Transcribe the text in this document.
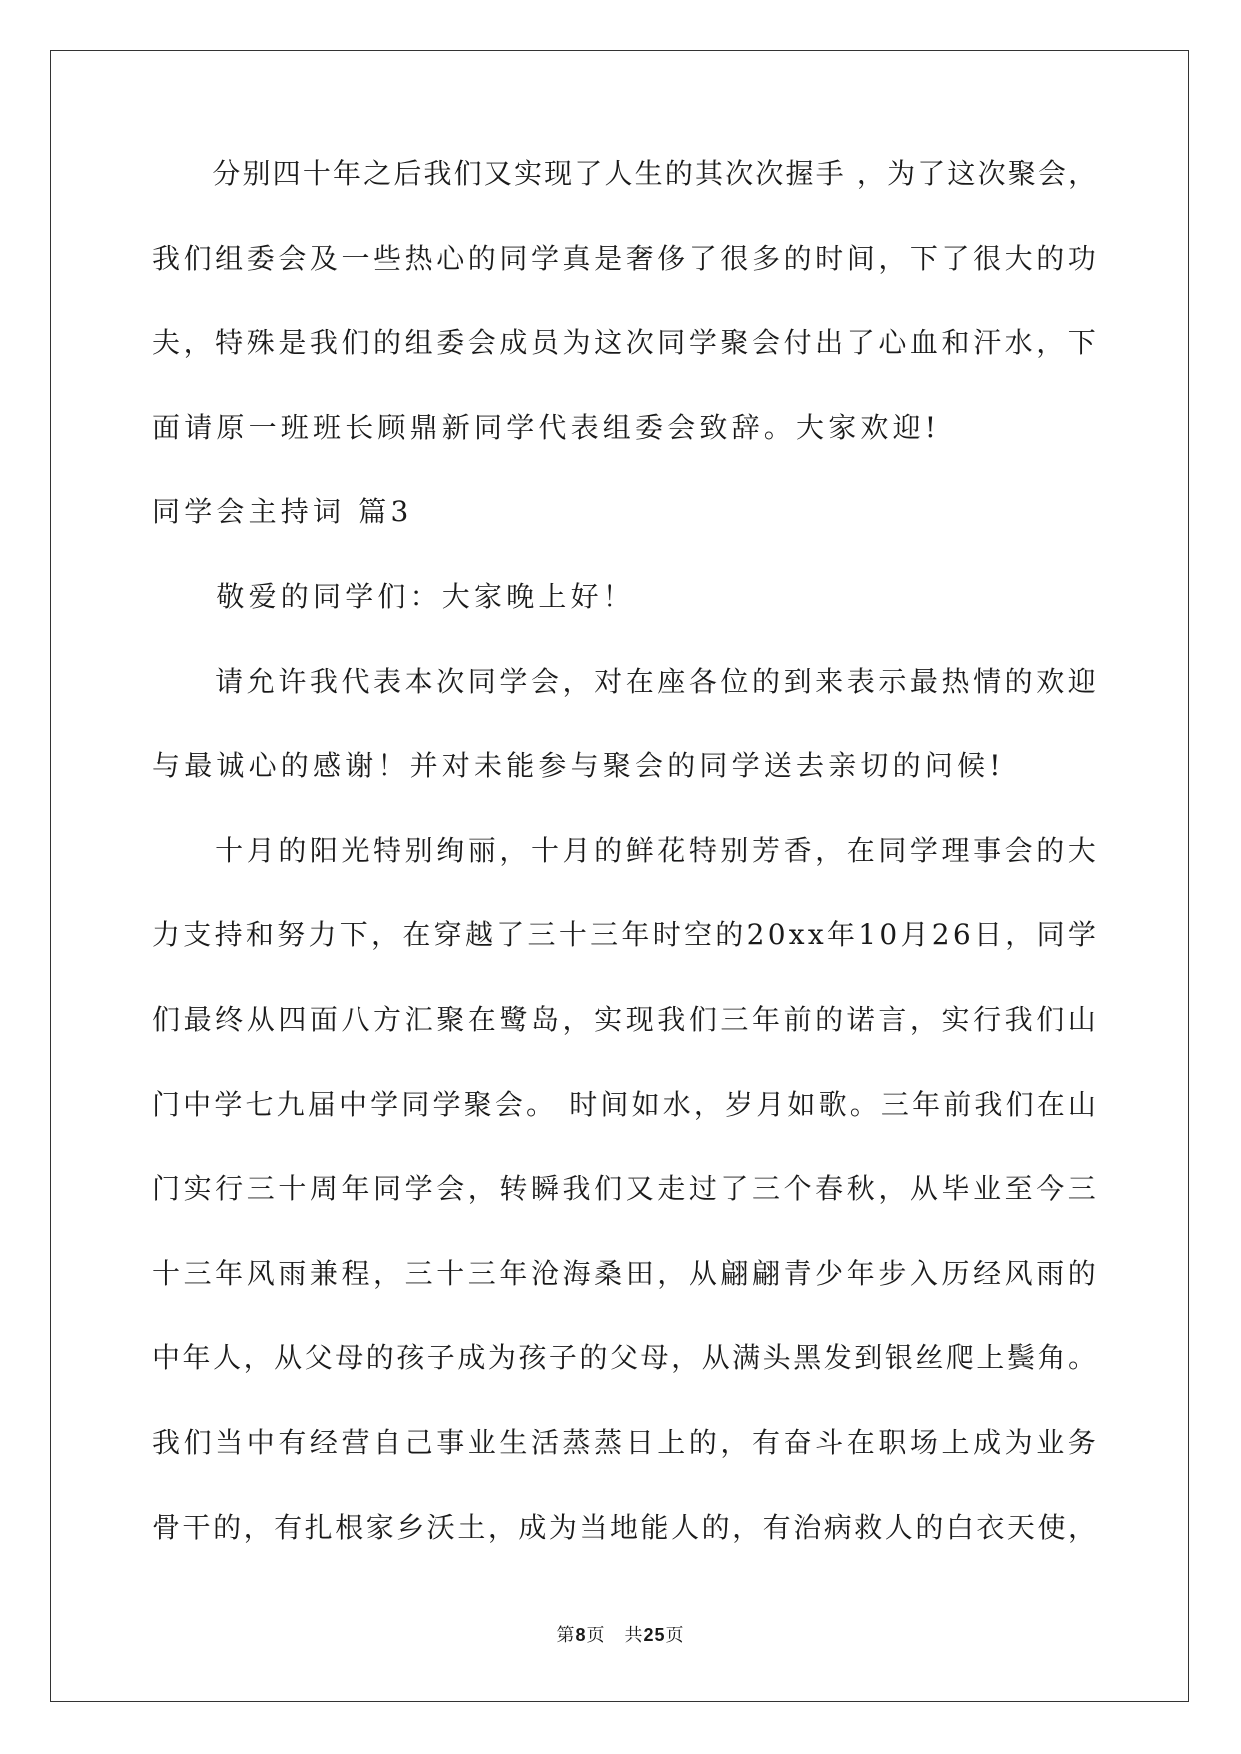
　　分别四十年之后我们又实现了人生的其次次握手 ，为了这次聚会，
我们组委会及一些热心的同学真是奢侈了很多的时间，下了很大的功
夫，特殊是我们的组委会成员为这次同学聚会付出了心血和汗水，下
面请原一班班长顾鼎新同学代表组委会致辞。大家欢迎!
同学会主持词 篇3
　　敬爱的同学们：大家晚上好！
　　请允许我代表本次同学会，对在座各位的到来表示最热情的欢迎
与最诚心的感谢！并对未能参与聚会的同学送去亲切的问候!
　　十月的阳光特别绚丽，十月的鲜花特别芳香，在同学理事会的大
力支持和努力下，在穿越了三十三年时空的20xx年10月26日，同学
们最终从四面八方汇聚在鹭岛，实现我们三年前的诺言，实行我们山
门中学七九届中学同学聚会。 时间如水，岁月如歌。三年前我们在山
门实行三十周年同学会，转瞬我们又走过了三个春秋，从毕业至今三
十三年风雨兼程，三十三年沧海桑田，从翩翩青少年步入历经风雨的
中年人，从父母的孩子成为孩子的父母，从满头黑发到银丝爬上鬓角。
我们当中有经营自己事业生活蒸蒸日上的，有奋斗在职场上成为业务
骨干的，有扎根家乡沃土，成为当地能人的，有治病救人的白衣天使，
第8页　共25页
